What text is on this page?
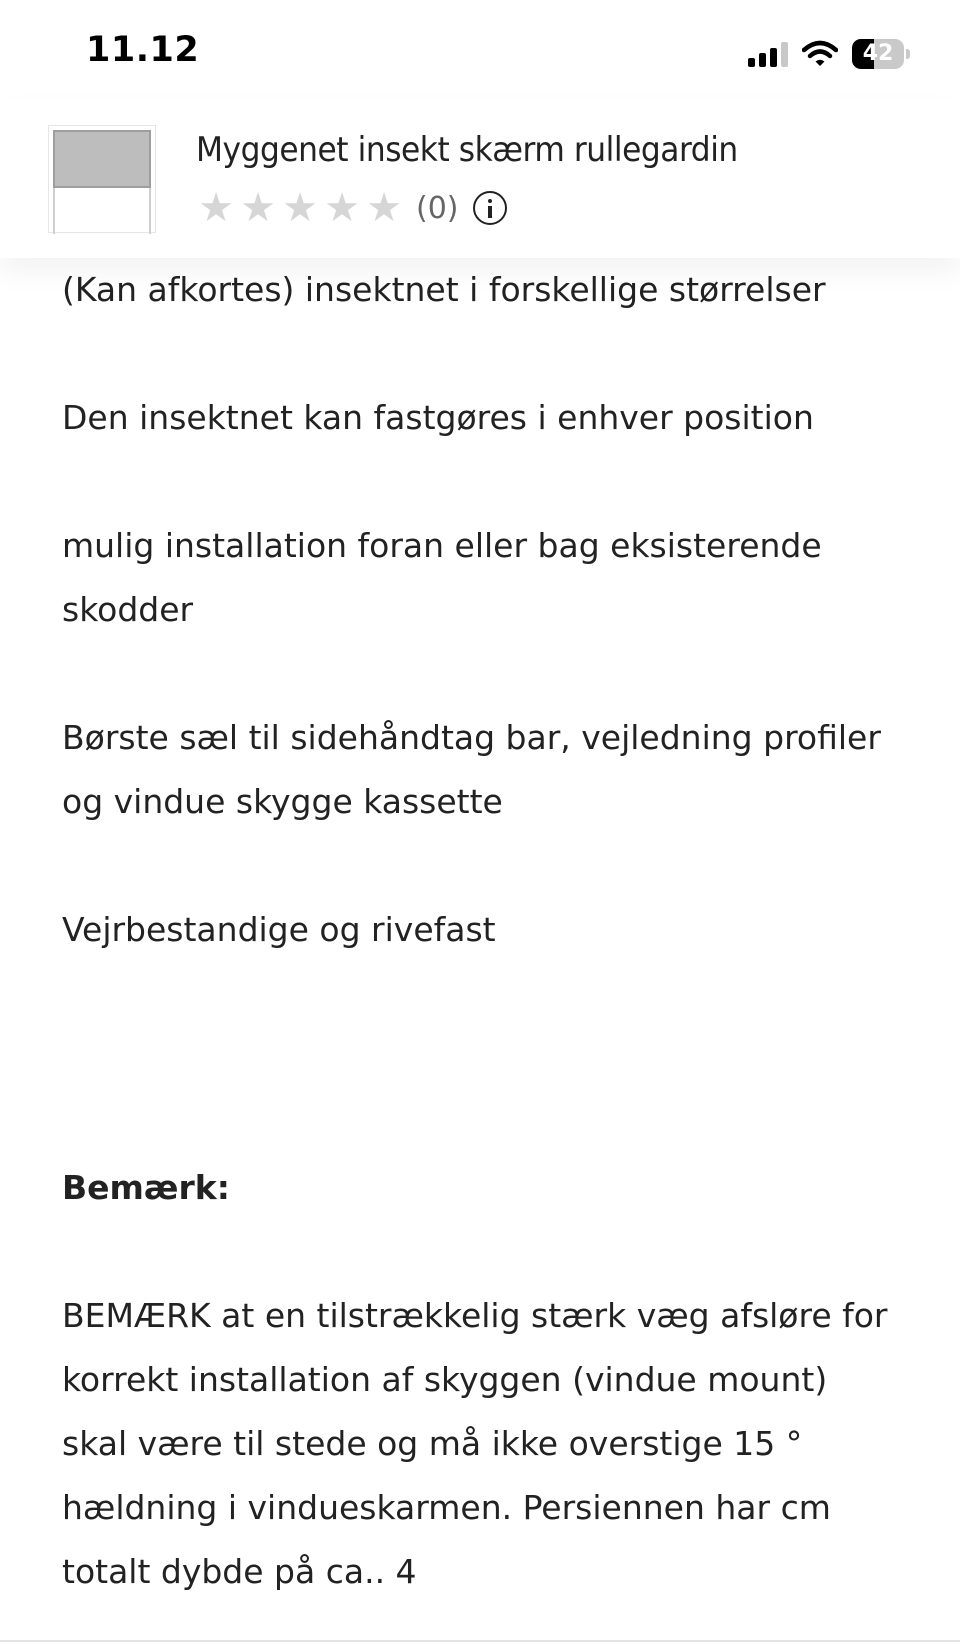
11.12	42
Myggenet insekt skærm rullegardin
★ ★ ★ ★ ★ (0)
(Kan afkortes) insektnet i forskellige størrelser
Den insektnet kan fastgøres i enhver position
mulig installation foran eller bag eksisterende skodder
Børste sæl til sidehåndtag bar, vejledning profiler og vindue skygge kassette
Vejrbestandige og rivefast
Bemærk:
BEMÆRK at en tilstrækkelig stærk væg afsløre for korrekt installation af skyggen (vindue mount) skal være til stede og må ikke overstige 15 ° hældning i vindueskarmen. Persiennen har cm totalt dybde på ca.. 4
